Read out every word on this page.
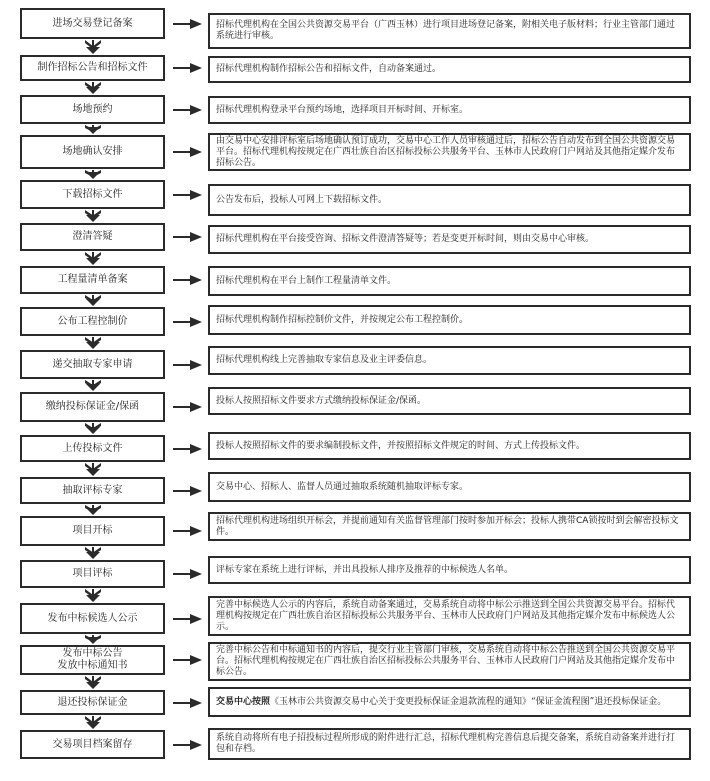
进场交易登记备案
制作招标公告和招标文件
场地预约
场地确认安排
下载招标文件
澄清答疑
工程量清单备案
公布工程控制价
递交抽取专家申请
缴纳投标保证金/保函
上传投标文件
抽取评标专家
项目开标
项目评标
发布中标候选人公示
发布中标公告
发放中标通知书
退还投标保证金
交易项目档案留存
招标代理机构在全国公共资源交易平台（广西玉林）进行项目进场登记备案，附相关电子版材料；行业主管部门通过系统进行审核。
招标代理机构制作招标公告和招标文件，自动备案通过。
招标代理机构登录平台预约场地，选择项目开标时间、开标室。
由交易中心安排评标室后场地确认预订成功，交易中心工作人员审核通过后，招标公告自动发布到全国公共资源交易平台。招标代理机构按规定在广西壮族自治区招标投标公共服务平台、玉林市人民政府门户网站及其他指定媒介发布招标公告。
公告发布后，投标人可网上下载招标文件。
招标代理机构在平台接受咨询、招标文件澄清答疑等；若是变更开标时间，则由交易中心审核。
招标代理机构在平台上制作工程量清单文件。
招标代理机构制作招标控制价文件，并按规定公布工程控制价。
招标代理机构线上完善抽取专家信息及业主评委信息。
投标人按照招标文件要求方式缴纳投标保证金/保函。
投标人按照招标文件的要求编制投标文件，并按照招标文件规定的时间、方式上传投标文件。
交易中心、招标人、监督人员通过抽取系统随机抽取评标专家。
招标代理机构进场组织开标会，并提前通知有关监督管理部门按时参加开标会；投标人携带CA锁按时到会解密投标文件。
评标专家在系统上进行评标，并出具投标人排序及推荐的中标候选人名单。
完善中标候选人公示的内容后，系统自动备案通过，交易系统自动将中标公示推送到全国公共资源交易平台。招标代理机构按规定在广西壮族自治区招标投标公共服务平台、玉林市人民政府门户网站及其他指定媒介发布中标候选人公示。
完善中标公告和中标通知书的内容后，提交行业主管部门审核，交易系统自动将中标公告推送到全国公共资源交易平台。招标代理机构按规定在广西壮族自治区招标投标公共服务平台、玉林市人民政府门户网站及其他指定媒介发布中标公告。
交易中心按照《玉林市公共资源交易中心关于变更投标保证金退款流程的通知》“保证金流程图”退还投标保证金。
系统自动将所有电子招投标过程所形成的附件进行汇总，招标代理机构完善信息后提交备案，系统自动备案并进行打包和存档。
